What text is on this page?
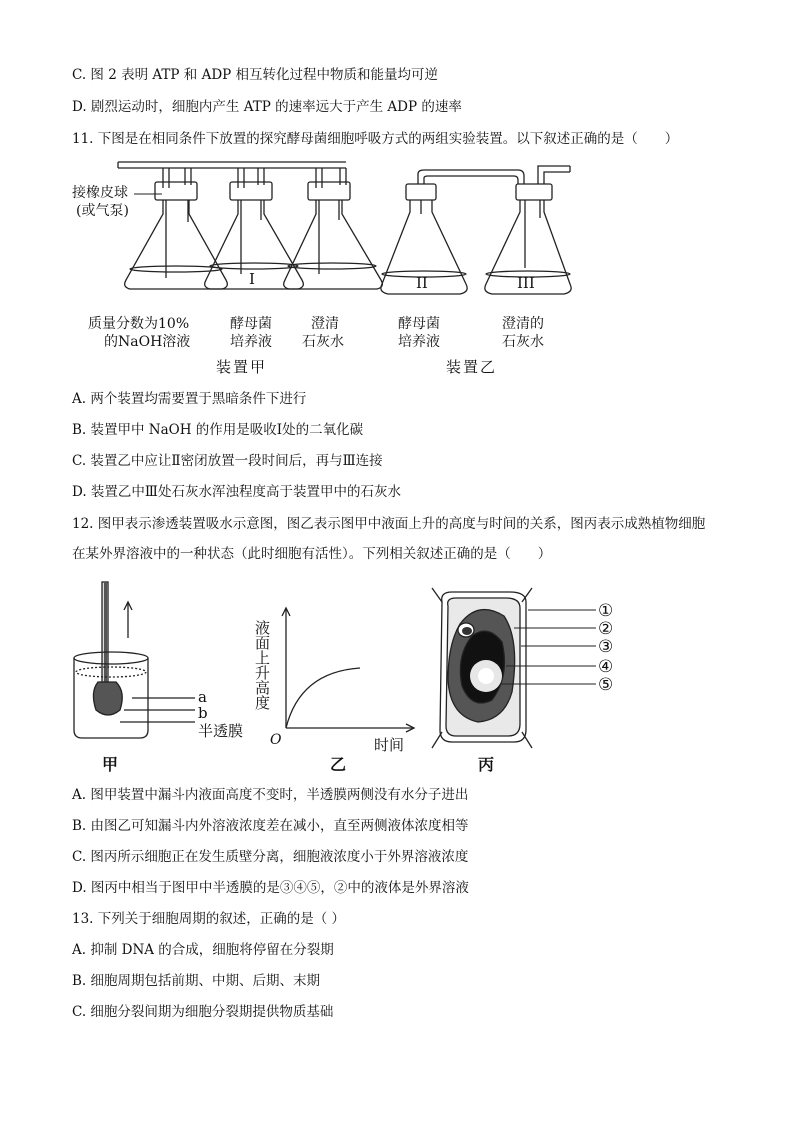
C. 图 2 表明 ATP 和 ADP 相互转化过程中物质和能量均可逆
D. 剧烈运动时，细胞内产生 ATP 的速率远大于产生 ADP 的速率
11. 下图是在相同条件下放置的探究酵母菌细胞呼吸方式的两组实验装置。以下叙述正确的是（　　）
接橡皮球
(或气泵)
I	II	III
质量分数为10%
的NaOH溶液
酵母菌
培养液
澄清
石灰水
酵母菌
培养液
澄清的
石灰水
装置甲	装置乙
A. 两个装置均需要置于黑暗条件下进行
B. 装置甲中 NaOH 的作用是吸收Ⅰ处的二氧化碳
C. 装置乙中应让Ⅱ密闭放置一段时间后，再与Ⅲ连接
D. 装置乙中Ⅲ处石灰水浑浊程度高于装置甲中的石灰水
12. 图甲表示渗透装置吸水示意图，图乙表示图甲中液面上升的高度与时间的关系，图丙表示成熟植物细胞
在某外界溶液中的一种状态（此时细胞有活性）。下列相关叙述正确的是（　　）
a
b
半透膜
甲
液面上升高度
O	时间
乙
①
②
③
④
⑤
丙
A. 图甲装置中漏斗内液面高度不变时，半透膜两侧没有水分子进出
B. 由图乙可知漏斗内外溶液浓度差在减小，直至两侧液体浓度相等
C. 图丙所示细胞正在发生质壁分离，细胞液浓度小于外界溶液浓度
D. 图丙中相当于图甲中半透膜的是③④⑤，②中的液体是外界溶液
13. 下列关于细胞周期的叙述，正确的是（ ）
A. 抑制 DNA 的合成，细胞将停留在分裂期
B. 细胞周期包括前期、中期、后期、末期
C. 细胞分裂间期为细胞分裂期提供物质基础
